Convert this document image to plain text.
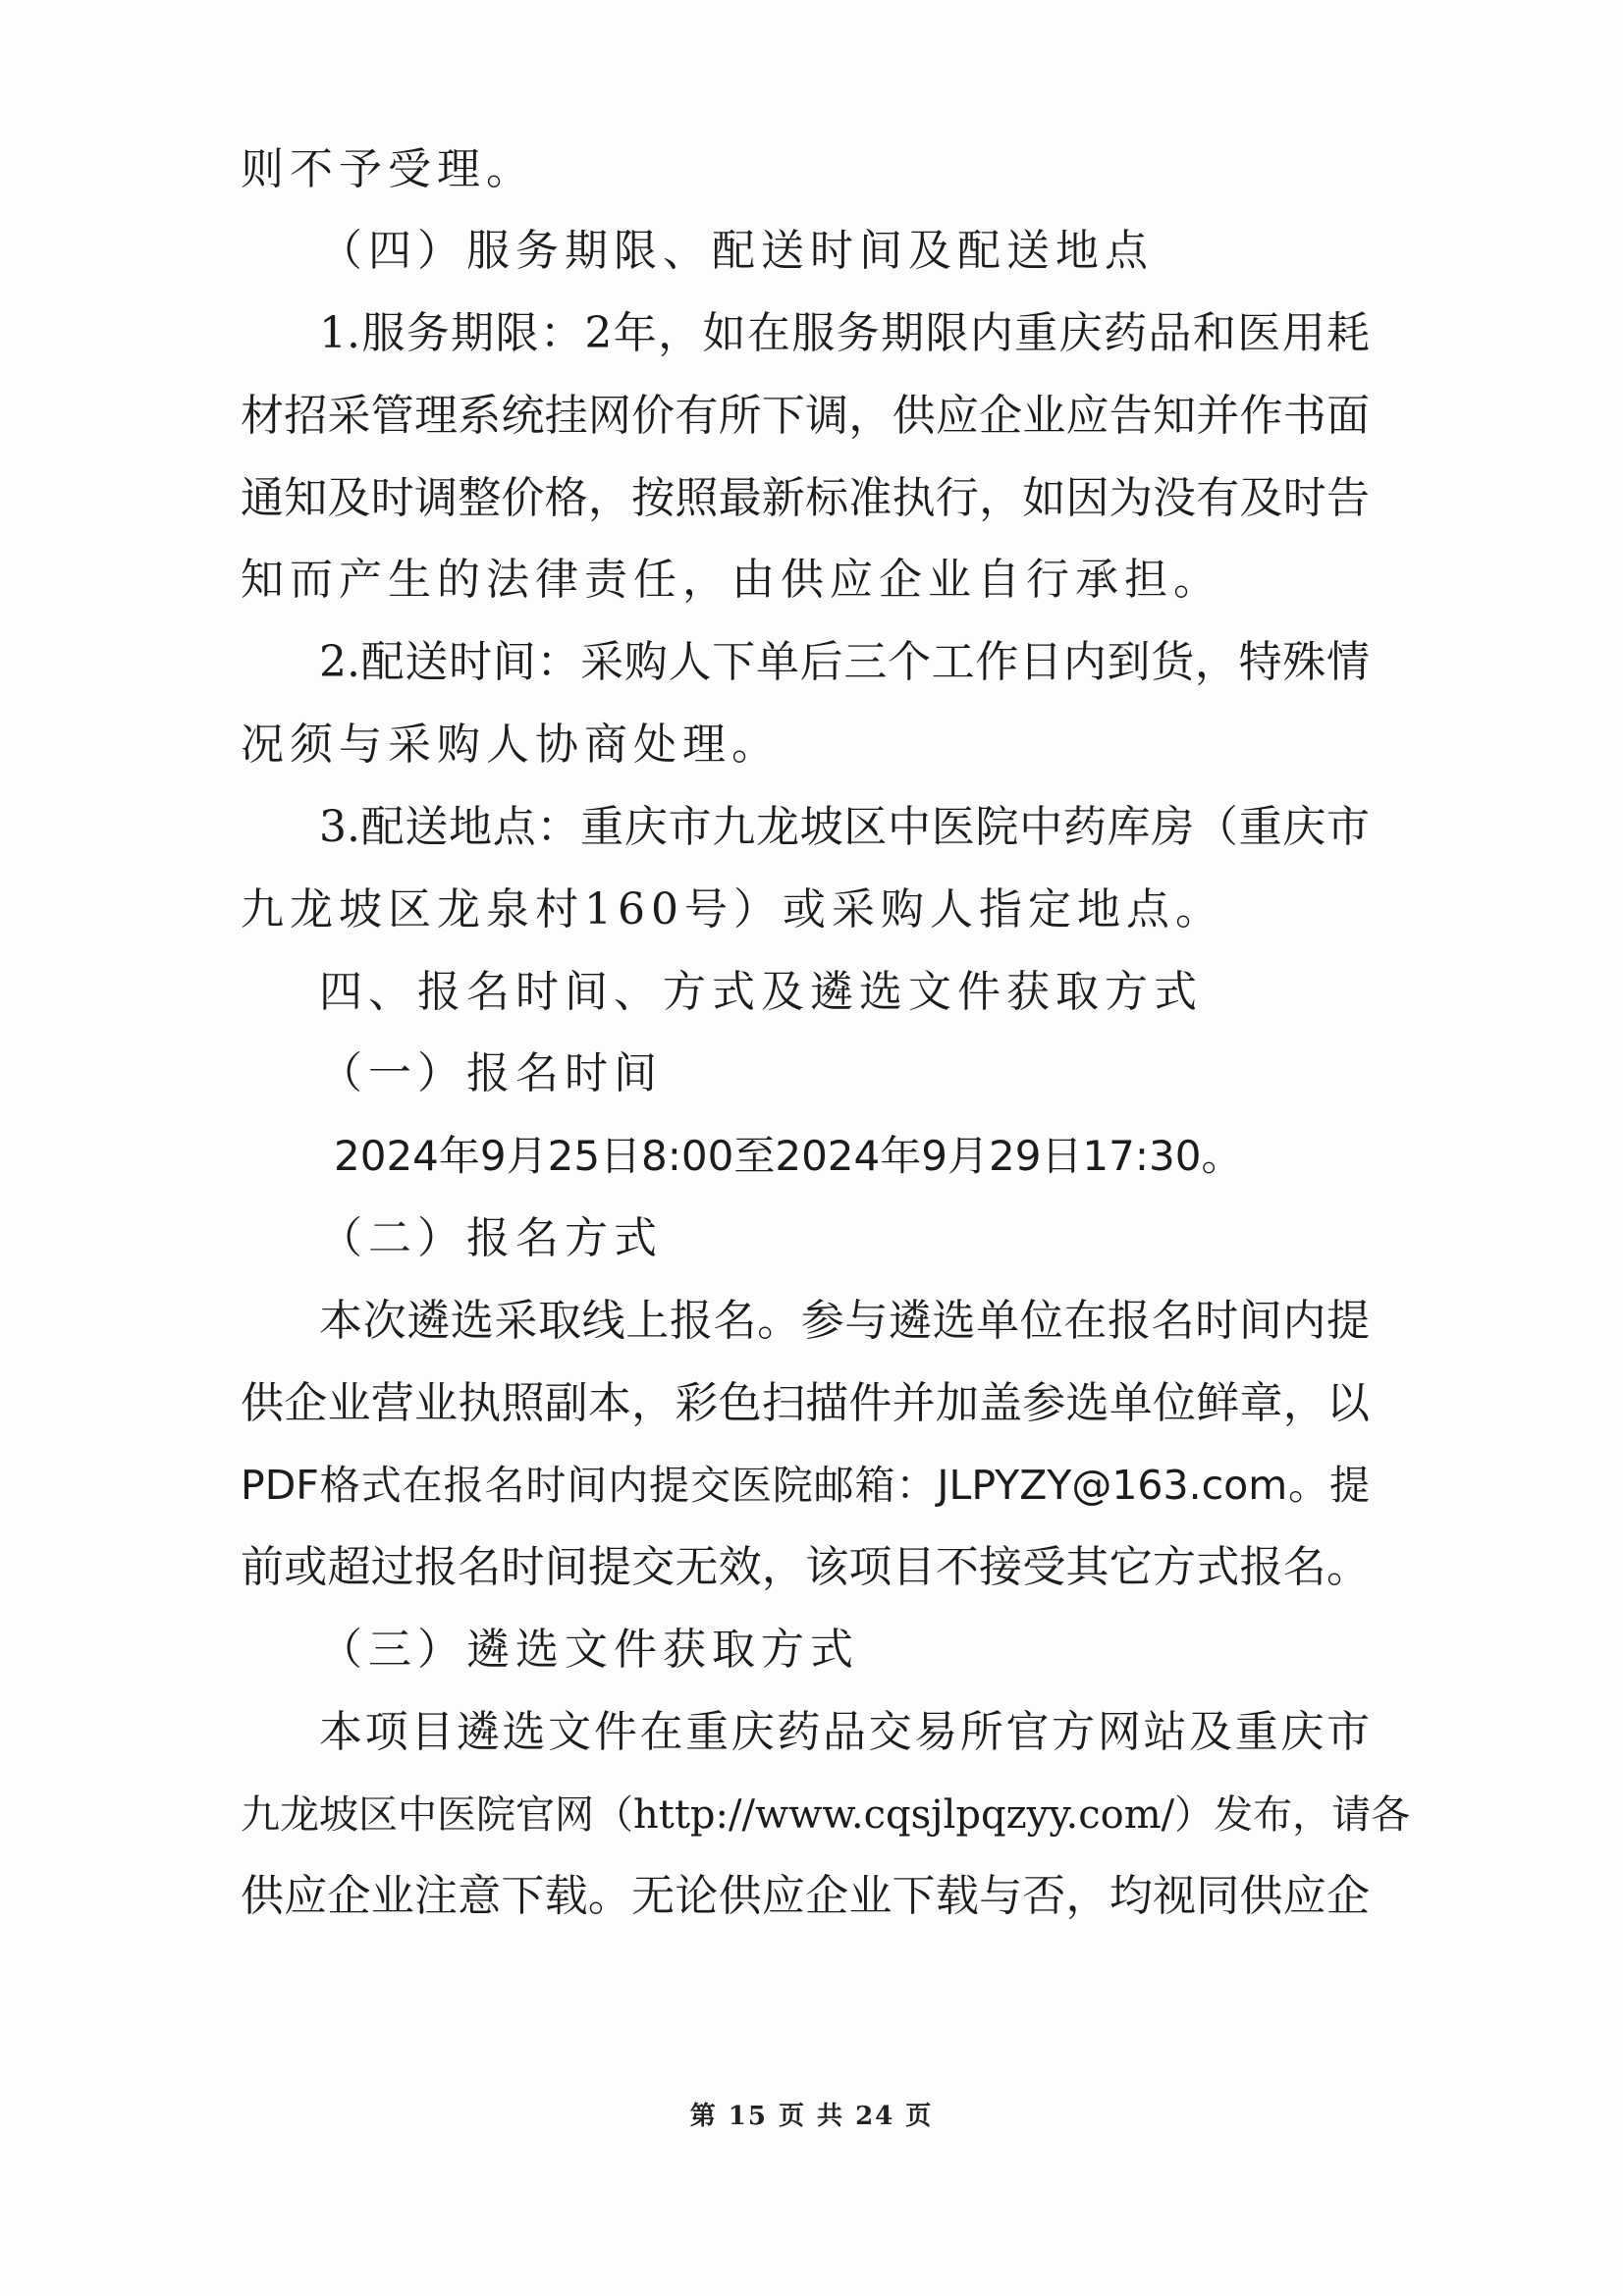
则不予受理。
（四）服务期限、配送时间及配送地点
1.服务期限：2年，如在服务期限内重庆药品和医用耗
材招采管理系统挂网价有所下调，供应企业应告知并作书面
通知及时调整价格，按照最新标准执行，如因为没有及时告
知而产生的法律责任，由供应企业自行承担。
2.配送时间：采购人下单后三个工作日内到货，特殊情
况须与采购人协商处理。
3.配送地点：重庆市九龙坡区中医院中药库房（重庆市
九龙坡区龙泉村160号）或采购人指定地点。
四、报名时间、方式及遴选文件获取方式
（一）报名时间
2024年9月25日8:00至2024年9月29日17:30。
（二）报名方式
本次遴选采取线上报名。参与遴选单位在报名时间内提
供企业营业执照副本，彩色扫描件并加盖参选单位鲜章，以
PDF格式在报名时间内提交医院邮箱：JLPYZY@163.com。提
前或超过报名时间提交无效，该项目不接受其它方式报名。
（三）遴选文件获取方式
本项目遴选文件在重庆药品交易所官方网站及重庆市
九龙坡区中医院官网（http://www.cqsjlpqzyy.com/）发布，请各
供应企业注意下载。无论供应企业下载与否，均视同供应企
第 15 页 共 24 页
